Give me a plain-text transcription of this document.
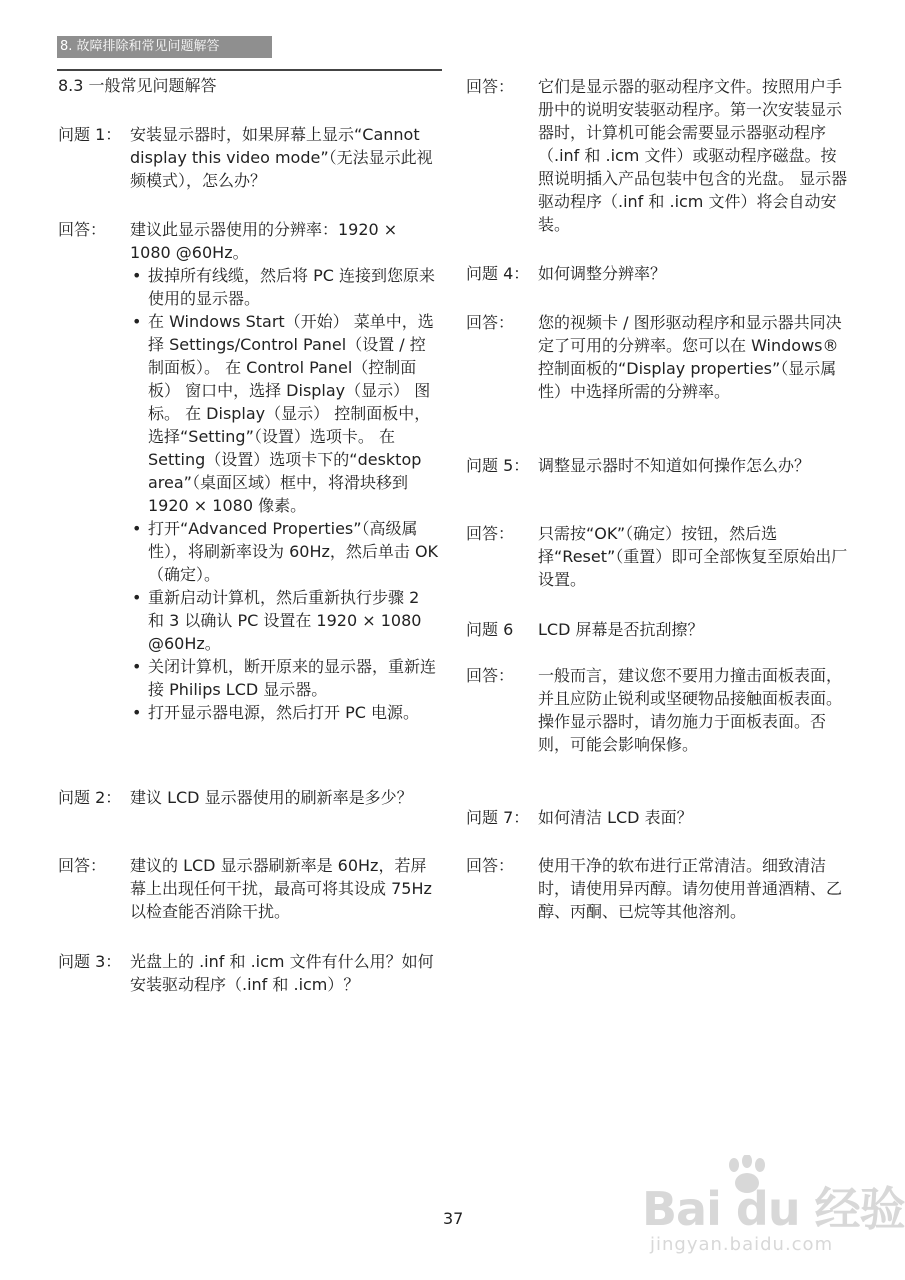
8. 故障排除和常见问题解答
8.3 一般常见问题解答
问题 1： 安装显示器时，如果屏幕上显示“Cannot display this video mode”（无法显示此视频模式），怎么办？
回答： 建议此显示器使用的分辨率：1920 × 1080 @60Hz。
• 拔掉所有线缆，然后将 PC 连接到您原来使用的显示器。
• 在 Windows Start（开始） 菜单中，选择 Settings/Control Panel（设置 / 控制面板）。 在 Control Panel（控制面板） 窗口中，选择 Display（显示） 图标。 在 Display（显示） 控制面板中，选择“Setting”（设置）选项卡。 在 Setting（设置）选项卡下的“desktop area”（桌面区域）框中，将滑块移到 1920 × 1080 像素。
• 打开“Advanced Properties”（高级属性），将刷新率设为 60Hz，然后单击 OK（确定）。
• 重新启动计算机，然后重新执行步骤 2 和 3 以确认 PC 设置在 1920 × 1080 @60Hz。
• 关闭计算机，断开原来的显示器，重新连接 Philips LCD 显示器。
• 打开显示器电源，然后打开 PC 电源。
问题 2： 建议 LCD 显示器使用的刷新率是多少？
回答： 建议的 LCD 显示器刷新率是 60Hz，若屏幕上出现任何干扰，最高可将其设成 75Hz 以检查能否消除干扰。
问题 3： 光盘上的 .inf 和 .icm 文件有什么用？如何安装驱动程序（.inf 和 .icm）？
回答： 它们是显示器的驱动程序文件。按照用户手册中的说明安装驱动程序。第一次安装显示器时，计算机可能会需要显示器驱动程序（.inf 和 .icm 文件）或驱动程序磁盘。按照说明插入产品包装中包含的光盘。 显示器驱动程序（.inf 和 .icm 文件）将会自动安装。
问题 4： 如何调整分辨率？
回答： 您的视频卡 / 图形驱动程序和显示器共同决定了可用的分辨率。您可以在 Windows® 控制面板的“Display properties”（显示属性）中选择所需的分辨率。
问题 5： 调整显示器时不知道如何操作怎么办？
回答： 只需按“OK”（确定）按钮，然后选择“Reset”（重置）即可全部恢复至原始出厂设置。
问题 6 LCD 屏幕是否抗刮擦？
回答： 一般而言，建议您不要用力撞击面板表面，并且应防止锐利或坚硬物品接触面板表面。操作显示器时，请勿施力于面板表面。否则，可能会影响保修。
问题 7： 如何清洁 LCD 表面？
回答： 使用干净的软布进行正常清洁。细致清洁时，请使用异丙醇。请勿使用普通酒精、乙醇、丙酮、已烷等其他溶剂。
37	Bai du 经验
jingyan.baidu.com
